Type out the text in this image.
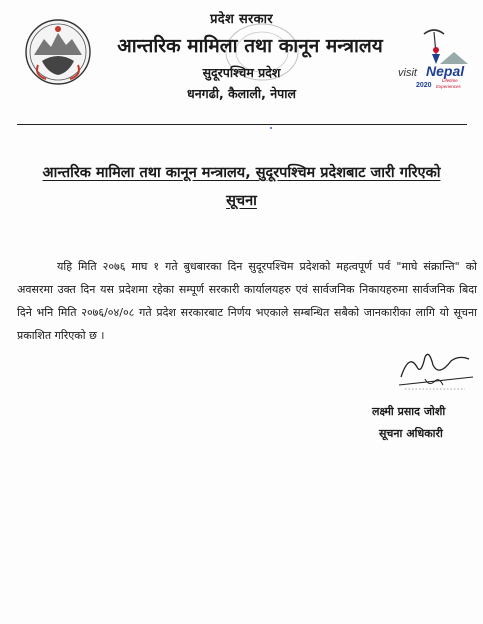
प्रदेश सरकार
आन्तरिक मामिला तथा कानून मन्त्रालय
सुदूरपश्चिम प्रदेश
धनगढी, कैलाली, नेपाल
visit Nepal
2020
Lifetime
Experiences
आन्तरिक मामिला तथा कानून मन्त्रालय, सुदूरपश्चिम प्रदेशबाट जारी गरिएको
सूचना
यहि मिति २०७६ माघ १ गते बुधबारका दिन सुदूरपश्चिम प्रदेशको महत्वपूर्ण पर्व "माघे संक्रान्ति" को अवसरमा उक्त दिन यस प्रदेशमा रहेका सम्पूर्ण सरकारी कार्यालयहरु एवं सार्वजनिक निकायहरुमा सार्वजनिक बिदा दिने भनि मिति २०७६/०४/०८ गते प्रदेश सरकारबाट निर्णय भएकाले सम्बन्धित सबैको जानकारीका लागि यो सूचना प्रकाशित गरिएको छ ।
लक्ष्मी प्रसाद जोशी
सूचना अधिकारी
